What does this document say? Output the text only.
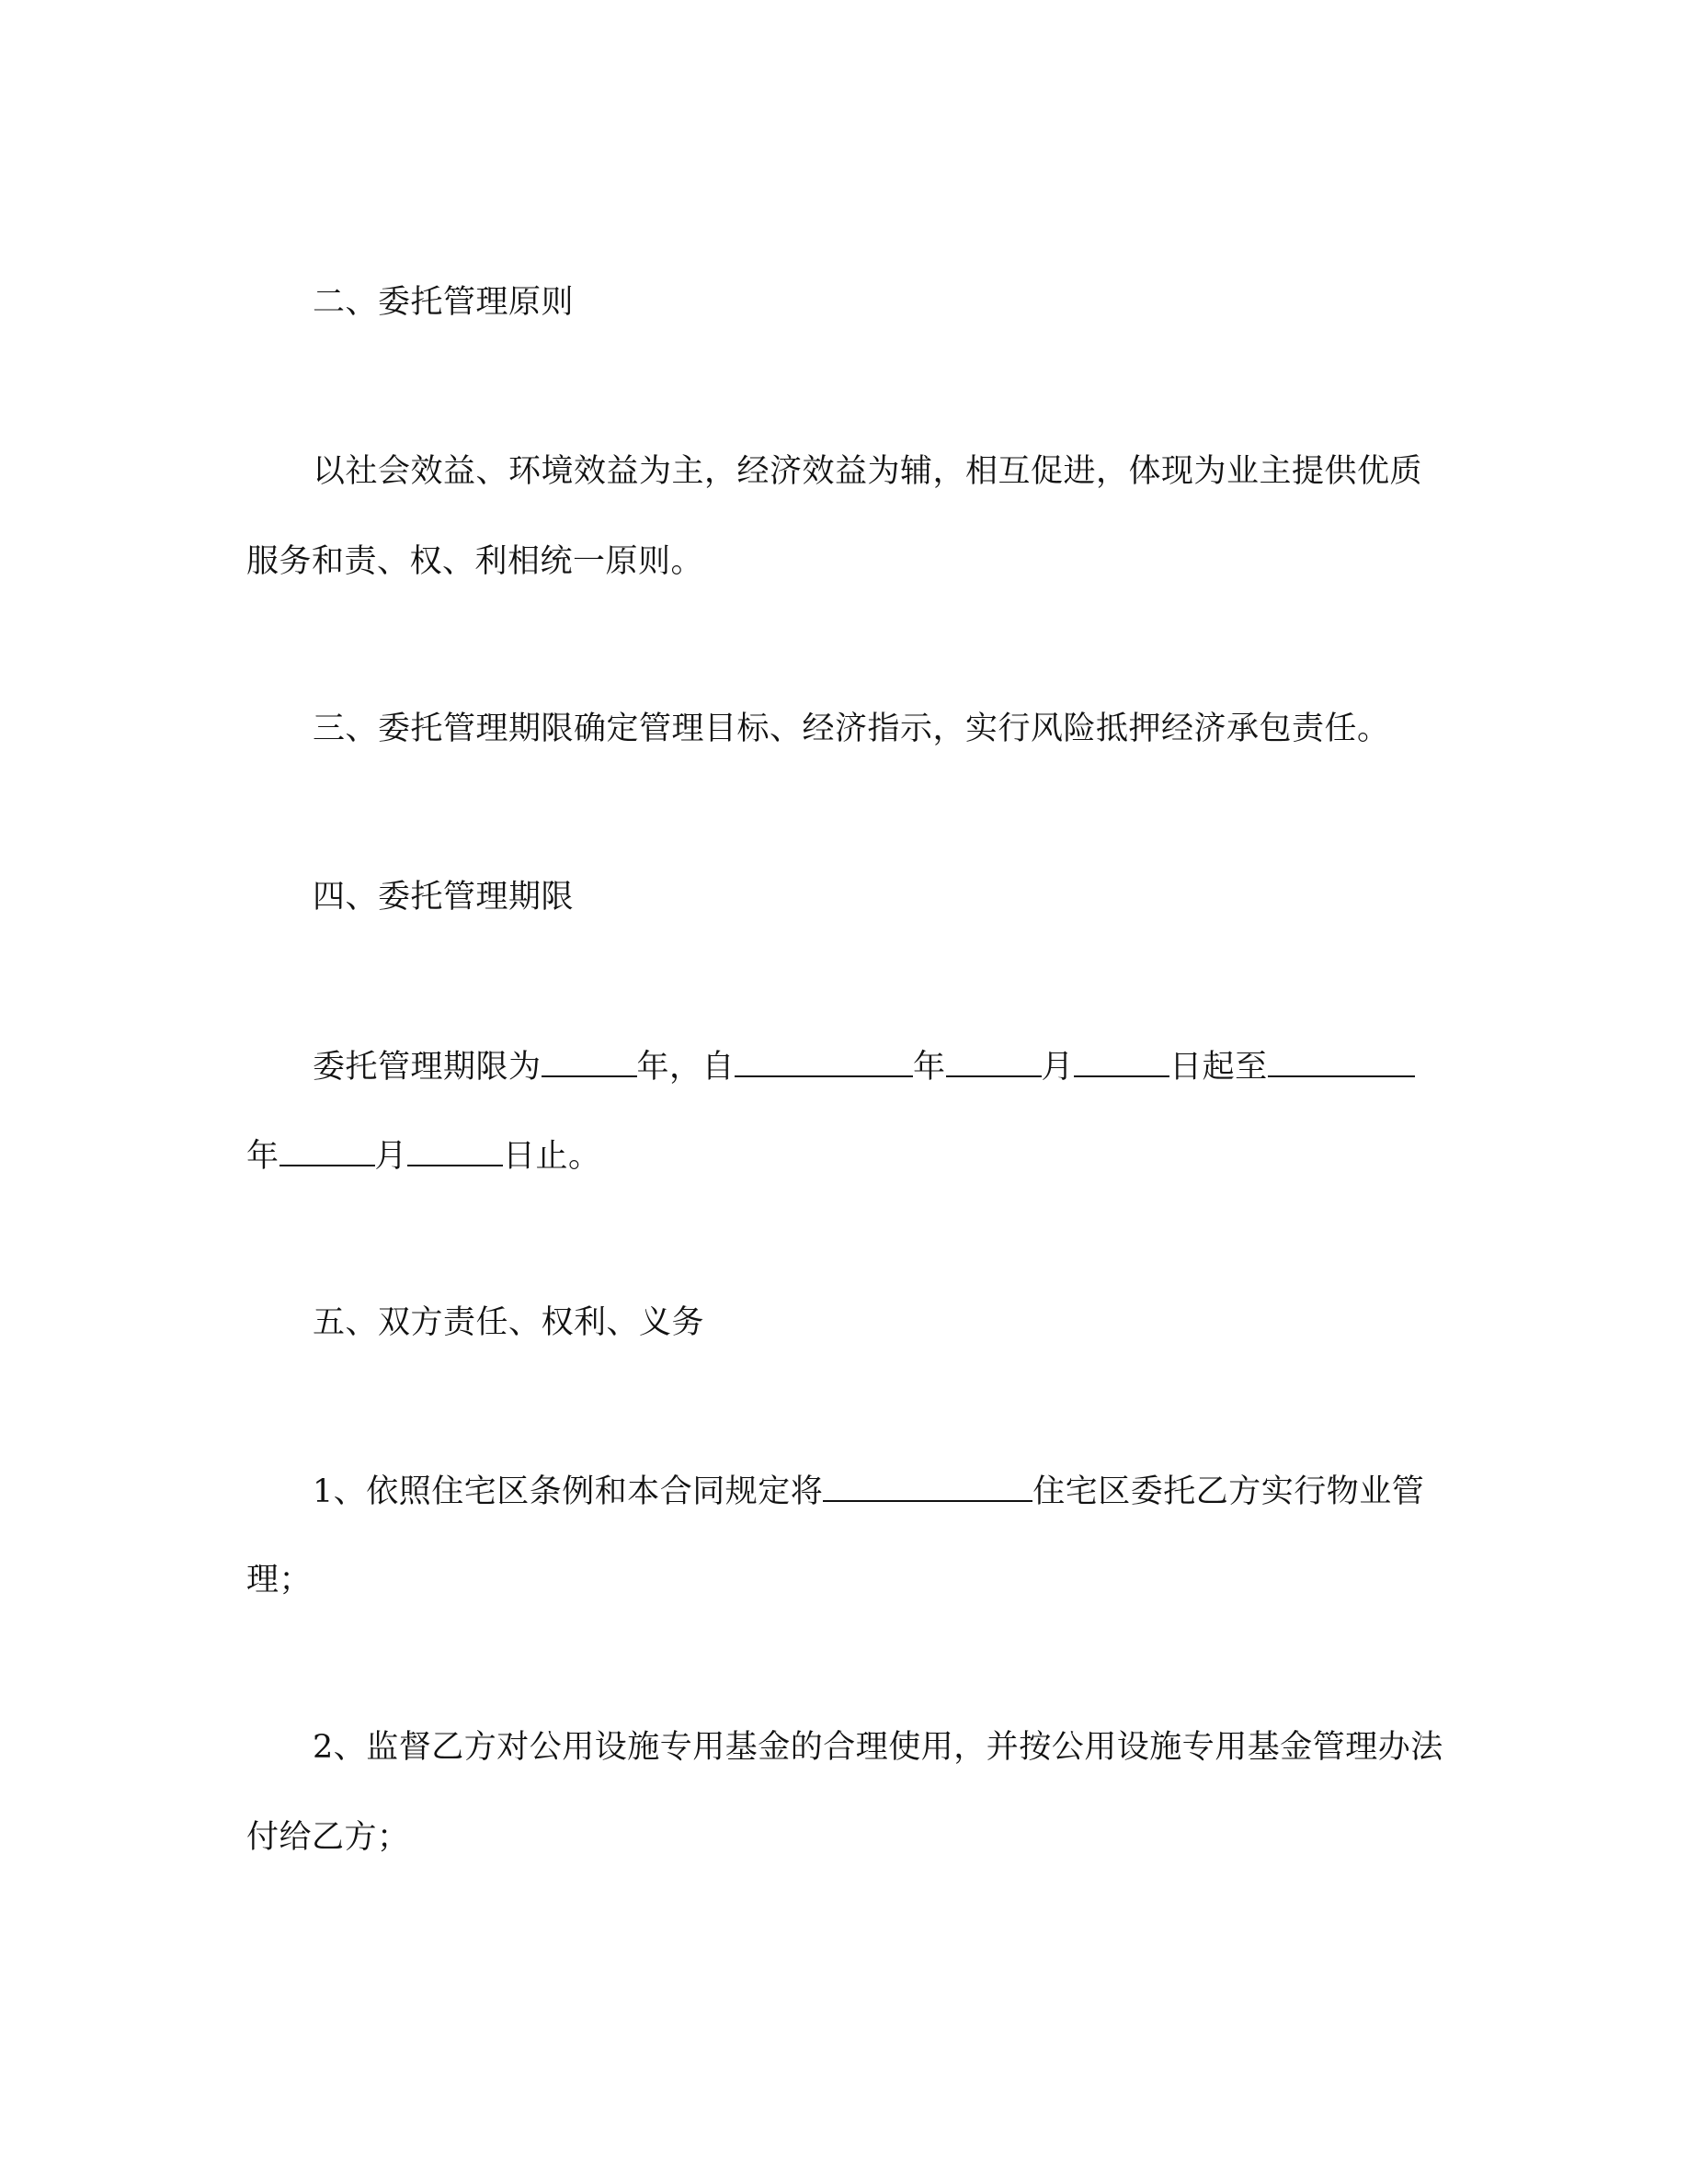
二、委托管理原则
以社会效益、环境效益为主，经济效益为辅，相互促进，体现为业主提供优质
服务和责、权、利相统一原则。
三、委托管理期限确定管理目标、经济指示，实行风险抵押经济承包责任。
四、委托管理期限
委托管理期限为	年，自	年	月	日起至
年	月	日止。
五、双方责任、权利、义务
1、依照住宅区条例和本合同规定将	住宅区委托乙方实行物业管
理；
2、监督乙方对公用设施专用基金的合理使用，并按公用设施专用基金管理办法
付给乙方；
